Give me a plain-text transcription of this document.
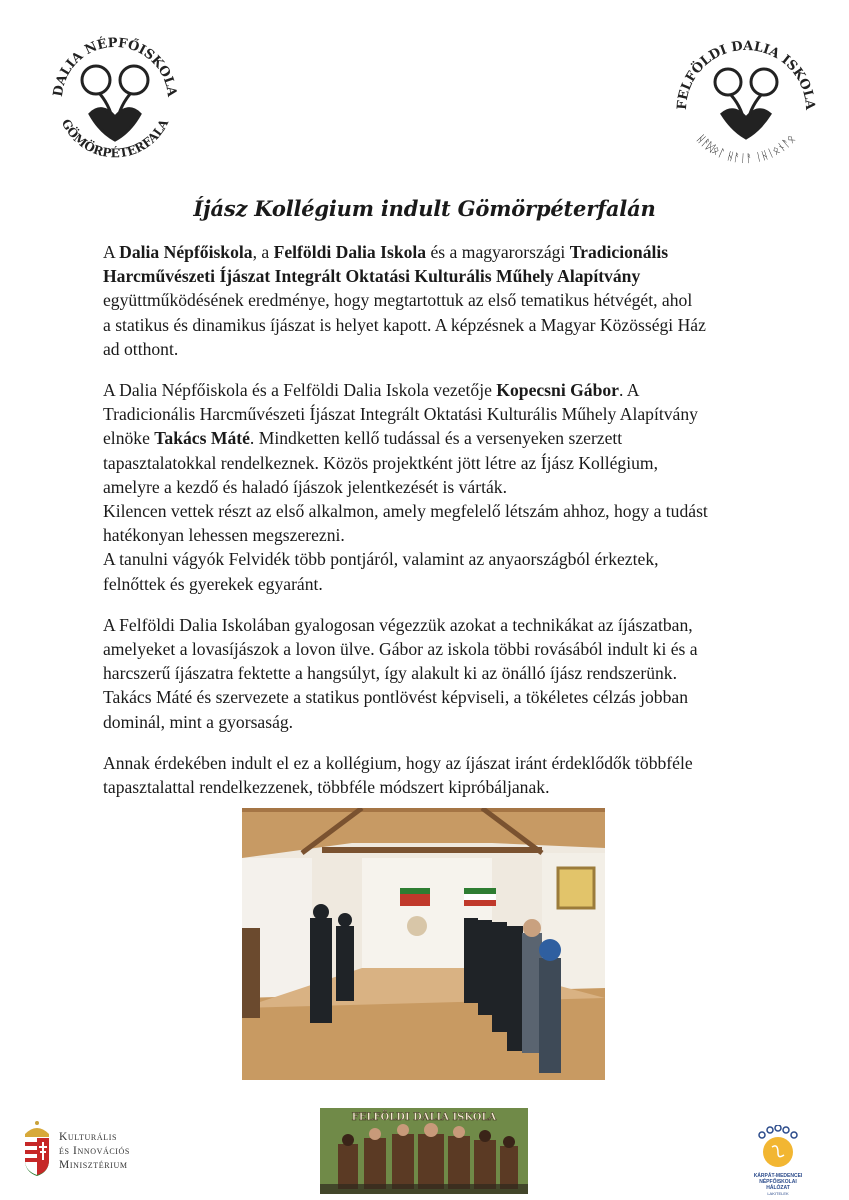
DALIA NÉPFŐISKOLA
GÖMÖRPÉTERFALA
FELFÖLDI DALIA ISKOLA
ᚺᚨᛞᛟᛚ ᚺᚨᛁᚨ ᛁᚺᛁᛟᚾᚨᛟ
Íjász Kollégium indult Gömörpéterfalán
A Dalia Népfőiskola, a Felföldi Dalia Iskola és a magyarországi Tradicionális
Harcművészeti Íjászat Integrált Oktatási Kulturális Műhely Alapítvány
együttműködésének eredménye, hogy megtartottuk az első tematikus hétvégét, ahol
a statikus és dinamikus íjászat is helyet kapott. A képzésnek a Magyar Közösségi Ház
ad otthont.
A Dalia Népfőiskola és a Felföldi Dalia Iskola vezetője Kopecsni Gábor. A
Tradicionális Harcművészeti Íjászat Integrált Oktatási Kulturális Műhely Alapítvány
elnöke Takács Máté. Mindketten kellő tudással és a versenyeken szerzett
tapasztalatokkal rendelkeznek. Közös projektként jött létre az Íjász Kollégium,
amelyre a kezdő és haladó íjászok jelentkezését is várták.
Kilencen vettek részt az első alkalmon, amely megfelelő létszám ahhoz, hogy a tudást
hatékonyan lehessen megszerezni.
A tanulni vágyók Felvidék több pontjáról, valamint az anyaországból érkeztek,
felnőttek és gyerekek egyaránt.
A Felföldi Dalia Iskolában gyalogosan végezzük azokat a technikákat az íjászatban,
amelyeket a lovasíjászok a lovon ülve. Gábor az iskola többi rovásából indult ki és a
harcszerű íjászatra fektette a hangsúlyt, így alakult ki az önálló íjász rendszerünk.
Takács Máté és szervezete a statikus pontlövést képviseli, a tökéletes célzás jobban
dominál, mint a gyorsaság.
Annak érdekében indult el ez a kollégium, hogy az íjászat iránt érdeklődők többféle
tapasztalattal rendelkezzenek, többféle módszert kipróbáljanak.
FELFÖLDI DALIA ISKOLA
Kulturális
és Innovációs
Minisztérium
KÁRPÁT-MEDENCEI
NÉPFŐISKOLAI HÁLÓZAT
LAKITELEK
